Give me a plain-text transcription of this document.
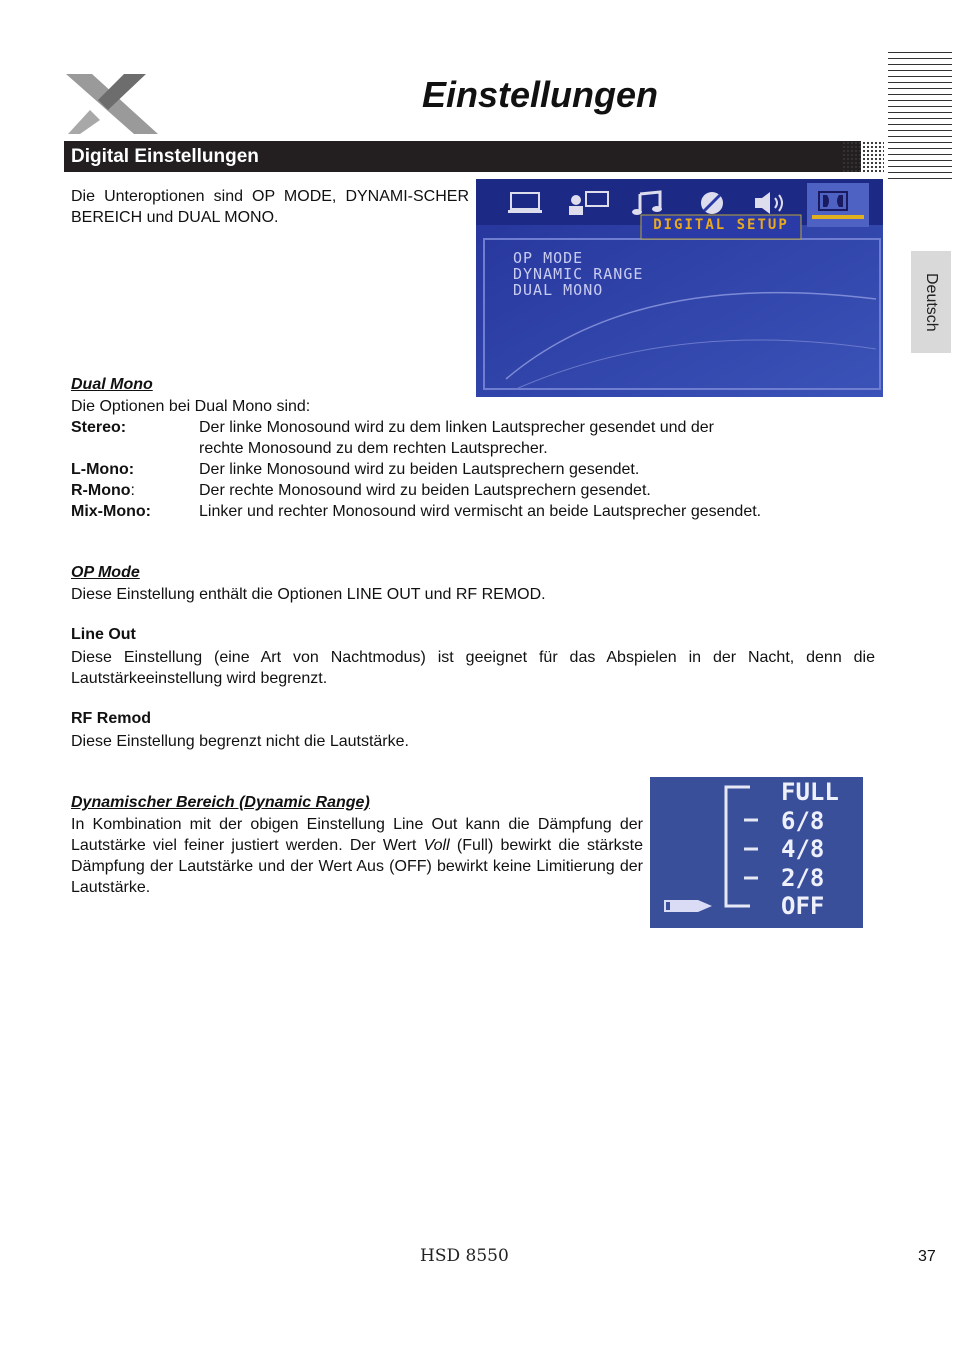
Einstellungen
Digital Einstellungen
Deutsch
Die Unteroptionen sind OP MODE, DYNAMI-SCHER BEREICH und DUAL MONO.	DIGITAL SETUP
OP MODE
DYNAMIC RANGE
DUAL MONO
Dual Mono
Die Optionen bei Dual Mono sind:
Stereo:	Der linke Monosound wird zu dem linken Lautsprecher gesendet und der
rechte Monosound zu dem rechten Lautsprecher.
L-Mono:	Der linke Monosound wird zu beiden Lautsprechern gesendet.
R-Mono:	Der rechte Monosound wird zu beiden Lautsprechern gesendet.
Mix-Mono:	Linker und rechter Monosound wird vermischt an beide Lautsprecher gesendet.
OP Mode
Diese Einstellung enthält die Optionen LINE OUT und RF REMOD.
Line Out
Diese Einstellung (eine Art von Nachtmodus) ist geeignet für das Abspielen in der Nacht, denn die Lautstärkeeinstellung wird begrenzt.
RF Remod
Diese Einstellung begrenzt nicht die Lautstärke.
Dynamischer Bereich (Dynamic Range)
In Kombination mit der obigen Einstellung Line Out kann die Dämpfung der Lautstärke viel feiner justiert werden. Der Wert Voll (Full) bewirkt die stärkste Dämpfung der Lautstärke und der Wert Aus (OFF) bewirkt keine Limitierung der Lautstärke.
FULL
6/8
4/8
2/8
OFF
HSD 8550	37
